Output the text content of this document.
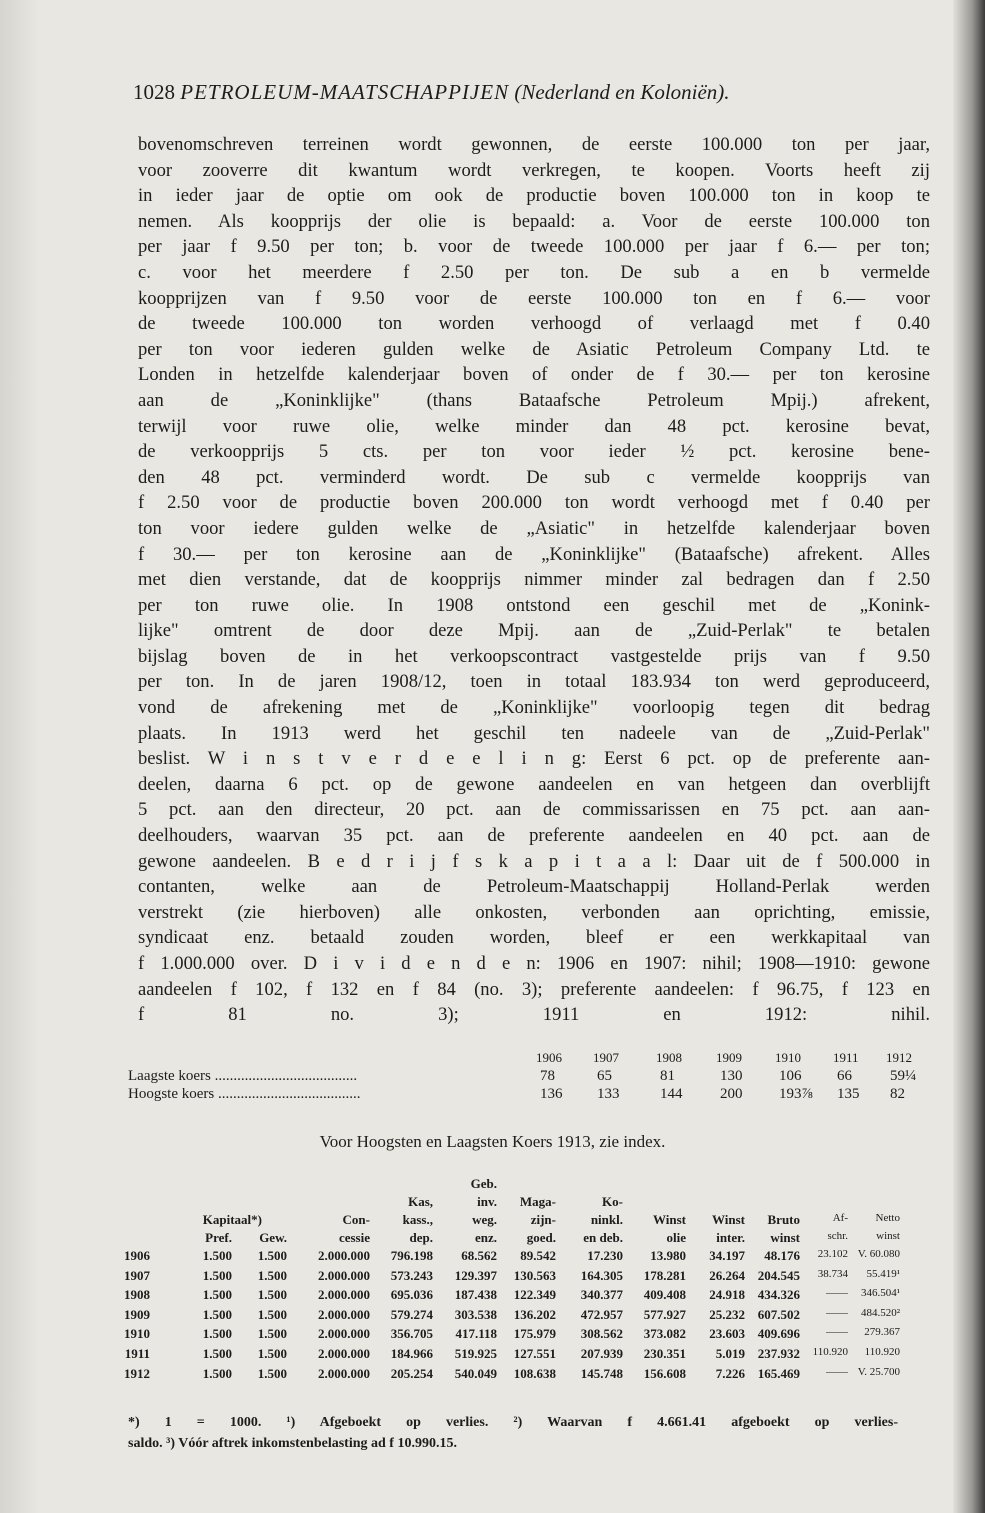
1028 PETROLEUM-MAATSCHAPPIJEN (Nederland en Koloniën).
bovenomschreven terreinen wordt gewonnen, de eerste 100.000 ton per jaar,
voor zooverre dit kwantum wordt verkregen, te koopen. Voorts heeft zij
in ieder jaar de optie om ook de productie boven 100.000 ton in koop te
nemen. Als koopprijs der olie is bepaald: a. Voor de eerste 100.000 ton
per jaar f 9.50 per ton; b. voor de tweede 100.000 per jaar f 6.— per ton;
c. voor het meerdere f 2.50 per ton. De sub a en b vermelde
koopprijzen van f 9.50 voor de eerste 100.000 ton en f 6.— voor
de tweede 100.000 ton worden verhoogd of verlaagd met f 0.40
per ton voor iederen gulden welke de Asiatic Petroleum Company Ltd. te
Londen in hetzelfde kalenderjaar boven of onder de f 30.— per ton kerosine
aan de „Koninklijke" (thans Bataafsche Petroleum Mpij.) afrekent,
terwijl voor ruwe olie, welke minder dan 48 pct. kerosine bevat,
de verkoopprijs 5 cts. per ton voor ieder ½ pct. kerosine bene-
den 48 pct. verminderd wordt. De sub c vermelde koopprijs van
f 2.50 voor de productie boven 200.000 ton wordt verhoogd met f 0.40 per
ton voor iedere gulden welke de „Asiatic" in hetzelfde kalenderjaar boven
f 30.— per ton kerosine aan de „Koninklijke" (Bataafsche) afrekent. Alles
met dien verstande, dat de koopprijs nimmer minder zal bedragen dan f 2.50
per ton ruwe olie. In 1908 ontstond een geschil met de „Konink-
lijke" omtrent de door deze Mpij. aan de „Zuid-Perlak" te betalen
bijslag boven de in het verkoopscontract vastgestelde prijs van f 9.50
per ton. In de jaren 1908/12, toen in totaal 183.934 ton werd geproduceerd,
vond de afrekening met de „Koninklijke" voorloopig tegen dit bedrag
plaats. In 1913 werd het geschil ten nadeele van de „Zuid-Perlak"
beslist. W i n s t v e r d e e l i n g: Eerst 6 pct. op de preferente aan-
deelen, daarna 6 pct. op de gewone aandeelen en van hetgeen dan overblijft
5 pct. aan den directeur, 20 pct. aan de commissarissen en 75 pct. aan aan-
deelhouders, waarvan 35 pct. aan de preferente aandeelen en 40 pct. aan de
gewone aandeelen. B e d r i j f s k a p i t a a l: Daar uit de f 500.000 in
contanten, welke aan de Petroleum-Maatschappij Holland-Perlak werden
verstrekt (zie hierboven) alle onkosten, verbonden aan oprichting, emissie,
syndicaat enz. betaald zouden worden, bleef er een werkkapitaal van
f 1.000.000 over. D i v i d e n d e n: 1906 en 1907: nihil; 1908—1910: gewone
aandeelen f 102, f 132 en f 84 (no. 3); preferente aandeelen: f 96.75, f 123 en
f 81 no. 3); 1911 en 1912: nihil.
1906 1907	1908	1909	1910 1911 1912
Laagste koers ......................................	78	65	81	130 106 66	59¼
Hoogste koers ......................................	136 133	144	200 193⅞ 135 82
Voor Hoogsten en Laagsten Koers 1913, zie index.
Geb.
Kas,	inv. Maga-	Ko-
Kapitaal*)	Con-	kass.,	weg.	zijn-	ninkl. Winst Winst Bruto	Af-	Netto
Pref. Gew.	cessie	dep.	enz. goed. en deb.	olie inter. winst	schr.	winst
1906	1.500 1.500 2.000.000 796.198 68.562 89.542 17.230 13.980 34.197 48.176 23.102 V. 60.080
1907	1.500 1.500 2.000.000 573.243 129.397 130.563 164.305 178.281 26.264 204.545 38.734 55.419¹
1908	1.500 1.500 2.000.000 695.036 187.438 122.349 340.377 409.408 24.918 434.326 —— 346.504¹
1909	1.500 1.500 2.000.000 579.274 303.538 136.202 472.957 577.927 25.232 607.502 —— 484.520²
1910	1.500 1.500 2.000.000 356.705 417.118 175.979 308.562 373.082 23.603 409.696 —— 279.367
1911	1.500 1.500 2.000.000 184.966 519.925 127.551 207.939 230.351 5.019 237.932 110.920 110.920
1912	1.500 1.500 2.000.000 205.254 540.049 108.638 145.748 156.608 7.226 165.469 —— V. 25.700
*) 1 = 1000. ¹) Afgeboekt op verlies. ²) Waarvan f 4.661.41 afgeboekt op verlies-
saldo. ³) Vóór aftrek inkomstenbelasting ad f 10.990.15.
